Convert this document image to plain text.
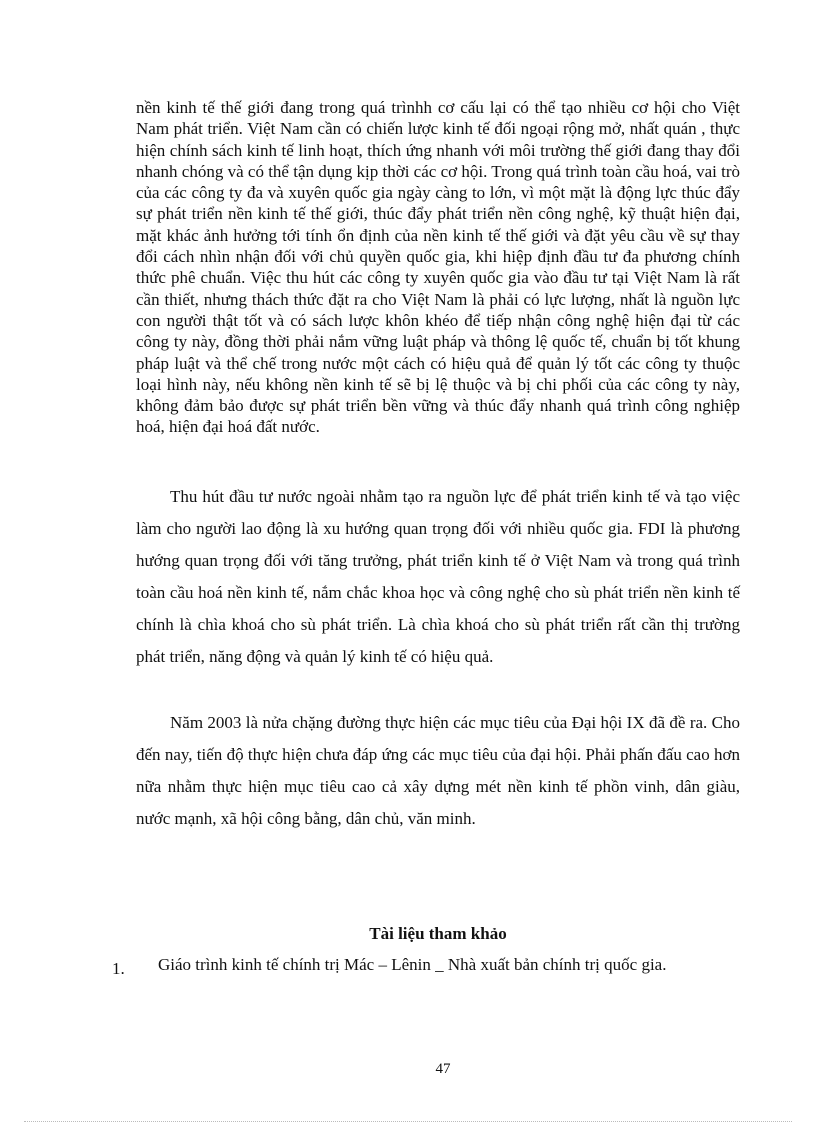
nền kinh tế thế giới đang trong quá trìnhh cơ cấu lại có thể tạo nhiều cơ hội cho Việt Nam phát triển. Việt Nam cần có chiến lược kinh tế đối ngoại rộng mở, nhất quán , thực hiện chính sách kinh tế linh hoạt, thích ứng nhanh với môi trường thế giới đang thay đổi nhanh chóng và có thể tận dụng kịp thời các cơ hội. Trong quá trình toàn cầu hoá, vai trò của các công ty đa và xuyên quốc gia ngày càng to lớn, vì một mặt là động lực thúc đẩy sự phát triển nền kinh tế thế giới, thúc đẩy phát triển nền công nghệ, kỹ thuật hiện đại, mặt khác ảnh hưởng tới tính ổn định của nền kinh tế thế giới và đặt yêu cầu về sự thay đổi cách nhìn nhận đối với chủ quyền quốc gia, khi hiệp định đầu tư đa phương chính thức phê chuẩn. Việc thu hút các công ty xuyên quốc gia vào đầu tư tại Việt Nam là rất cần thiết, nhưng thách thức đặt ra cho Việt Nam là phải có lực lượng, nhất là nguồn lực con người thật tốt và có sách lược khôn khéo để tiếp nhận công nghệ hiện đại từ các công ty này, đồng thời phải nắm vững luật pháp và thông lệ quốc tế, chuẩn bị tốt khung pháp luật và thể chế trong nước một cách có hiệu quả để quản lý tốt các công ty thuộc loại hình này, nếu không nền kinh tế sẽ bị lệ thuộc và bị chi phối của các công ty này, không đảm bảo được sự phát triển bền vững và thúc đẩy nhanh quá trình công nghiệp hoá, hiện đại hoá đất nước.

Thu hút đầu tư nước ngoài nhằm tạo ra nguồn lực để phát triển kinh tế và tạo việc làm cho người lao động là xu hướng quan trọng đối với nhiều quốc gia. FDI là phương hướng quan trọng đối với tăng trưởng, phát triển kinh tế ở Việt Nam và trong quá trình toàn cầu hoá nền kinh tế, nắm chắc khoa học và công nghệ cho sù phát triển nền kinh tế chính là chìa khoá cho sù phát triển. Là chìa khoá cho sù phát triển rất cần thị trường phát triển, năng động và quản lý kinh tế có hiệu quả.

Năm 2003 là nửa chặng đường thực hiện các mục tiêu của Đại hội IX đã đề ra. Cho đến nay, tiến độ thực hiện chưa đáp ứng các mục tiêu của đại hội. Phải phấn đấu cao hơn nữa nhằm thực hiện mục tiêu cao cả xây dựng mét nền kinh tế phồn vinh, dân giàu, nước mạnh, xã hội công bằng, dân chủ, văn minh.

Tài liệu tham khảo
1. Giáo trình kinh tế chính trị Mác – Lênin _ Nhà xuất bản chính trị quốc gia.
47
